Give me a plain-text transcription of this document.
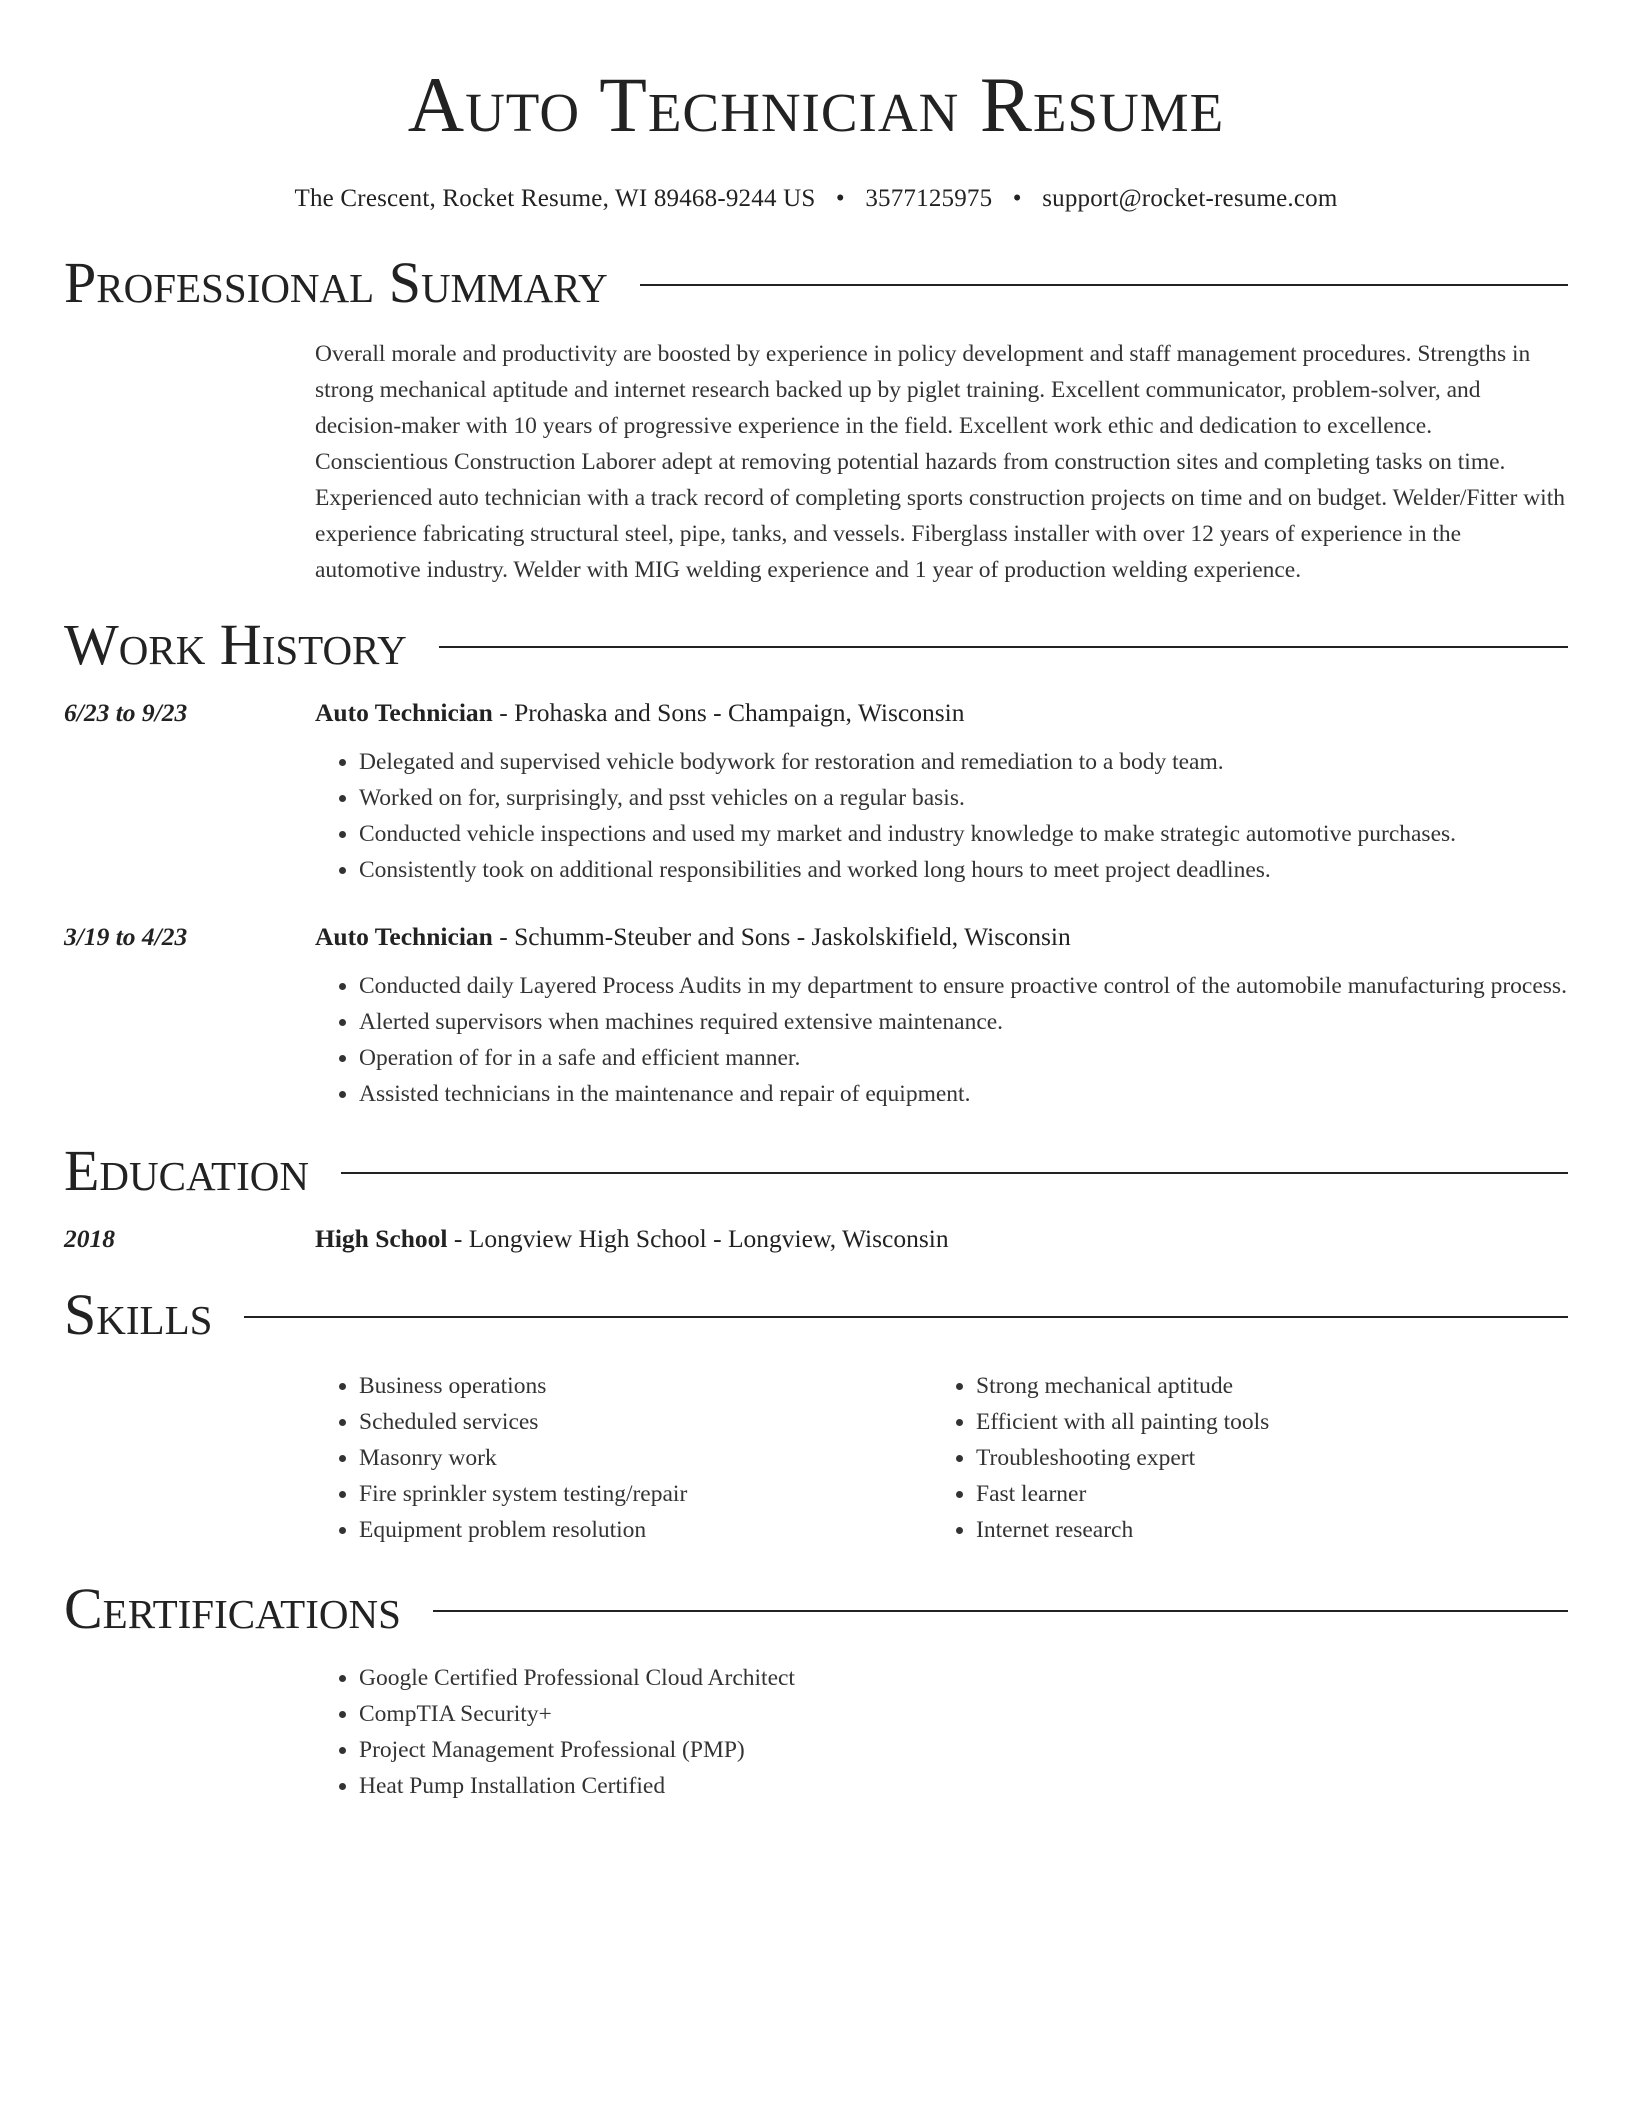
Auto Technician Resume
The Crescent, Rocket Resume, WI 89468-9244 US • 3577125975 • support@rocket-resume.com
Professional Summary
Overall morale and productivity are boosted by experience in policy development and staff management procedures. Strengths in strong mechanical aptitude and internet research backed up by piglet training. Excellent communicator, problem-solver, and decision-maker with 10 years of progressive experience in the field. Excellent work ethic and dedication to excellence. Conscientious Construction Laborer adept at removing potential hazards from construction sites and completing tasks on time. Experienced auto technician with a track record of completing sports construction projects on time and on budget. Welder/Fitter with experience fabricating structural steel, pipe, tanks, and vessels. Fiberglass installer with over 12 years of experience in the automotive industry. Welder with MIG welding experience and 1 year of production welding experience.
Work History
6/23 to 9/23	Auto Technician - Prohaska and Sons - Champaign, Wisconsin
• Delegated and supervised vehicle bodywork for restoration and remediation to a body team.
• Worked on for, surprisingly, and psst vehicles on a regular basis.
• Conducted vehicle inspections and used my market and industry knowledge to make strategic automotive purchases.
• Consistently took on additional responsibilities and worked long hours to meet project deadlines.
3/19 to 4/23	Auto Technician - Schumm-Steuber and Sons - Jaskolskifield, Wisconsin
• Conducted daily Layered Process Audits in my department to ensure proactive control of the automobile manufacturing process.
• Alerted supervisors when machines required extensive maintenance.
• Operation of for in a safe and efficient manner.
• Assisted technicians in the maintenance and repair of equipment.
Education
2018	High School - Longview High School - Longview, Wisconsin
Skills
• Business operations
• Scheduled services
• Masonry work
• Fire sprinkler system testing/repair
• Equipment problem resolution
• Strong mechanical aptitude
• Efficient with all painting tools
• Troubleshooting expert
• Fast learner
• Internet research
Certifications
• Google Certified Professional Cloud Architect
• CompTIA Security+
• Project Management Professional (PMP)
• Heat Pump Installation Certified
